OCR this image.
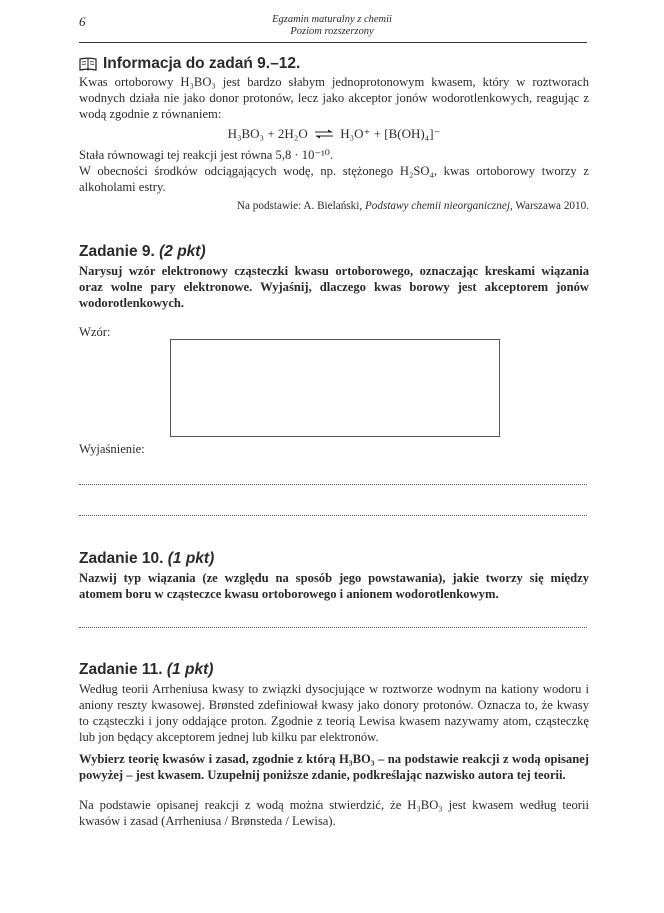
6	Egzamin maturalny z chemii
Poziom rozszerzony
Informacja do zadań 9.–12.

Kwas ortoborowy H₃BO₃ jest bardzo słabym jednoprotonowym kwasem, który w roztworach wodnych działa nie jako donor protonów, lecz jako akceptor jonów wodorotlenkowych, reagując z wodą zgodnie z równaniem:

H₃BO₃ + 2H₂O ⇌ H₃O⁺ + [B(OH)₄]⁻

Stała równowagi tej reakcji jest równa 5,8 · 10⁻¹⁰.

W obecności środków odciągających wodę, np. stężonego H₂SO₄, kwas ortoborowy tworzy z alkoholami estry.

Na podstawie: A. Bielański, Podstawy chemii nieorganicznej, Warszawa 2010.
Zadanie 9. (2 pkt)

Narysuj wzór elektronowy cząsteczki kwasu ortoborowego, oznaczając kreskami wiązania oraz wolne pary elektronowe. Wyjaśnij, dlaczego kwas borowy jest akceptorem jonów wodorotlenkowych.

Wzór:
Wyjaśnienie:
Zadanie 10. (1 pkt)

Nazwij typ wiązania (ze względu na sposób jego powstawania), jakie tworzy się między atomem boru w cząsteczce kwasu ortoborowego i anionem wodorotlenkowym.

Zadanie 11. (1 pkt)

Według teorii Arrheniusa kwasy to związki dysocjujące w roztworze wodnym na kationy wodoru i aniony reszty kwasowej. Brønsted zdefiniował kwasy jako donory protonów. Oznacza to, że kwasy to cząsteczki i jony oddające proton. Zgodnie z teorią Lewisa kwasem nazywamy atom, cząsteczkę lub jon będący akceptorem jednej lub kilku par elektronów.

Wybierz teorię kwasów i zasad, zgodnie z którą H₃BO₃ – na podstawie reakcji z wodą opisanej powyżej – jest kwasem. Uzupełnij poniższe zdanie, podkreślając nazwisko autora tej teorii.

Na podstawie opisanej reakcji z wodą można stwierdzić, że H₃BO₃ jest kwasem według teorii kwasów i zasad (Arrheniusa / Brønsteda / Lewisa).
